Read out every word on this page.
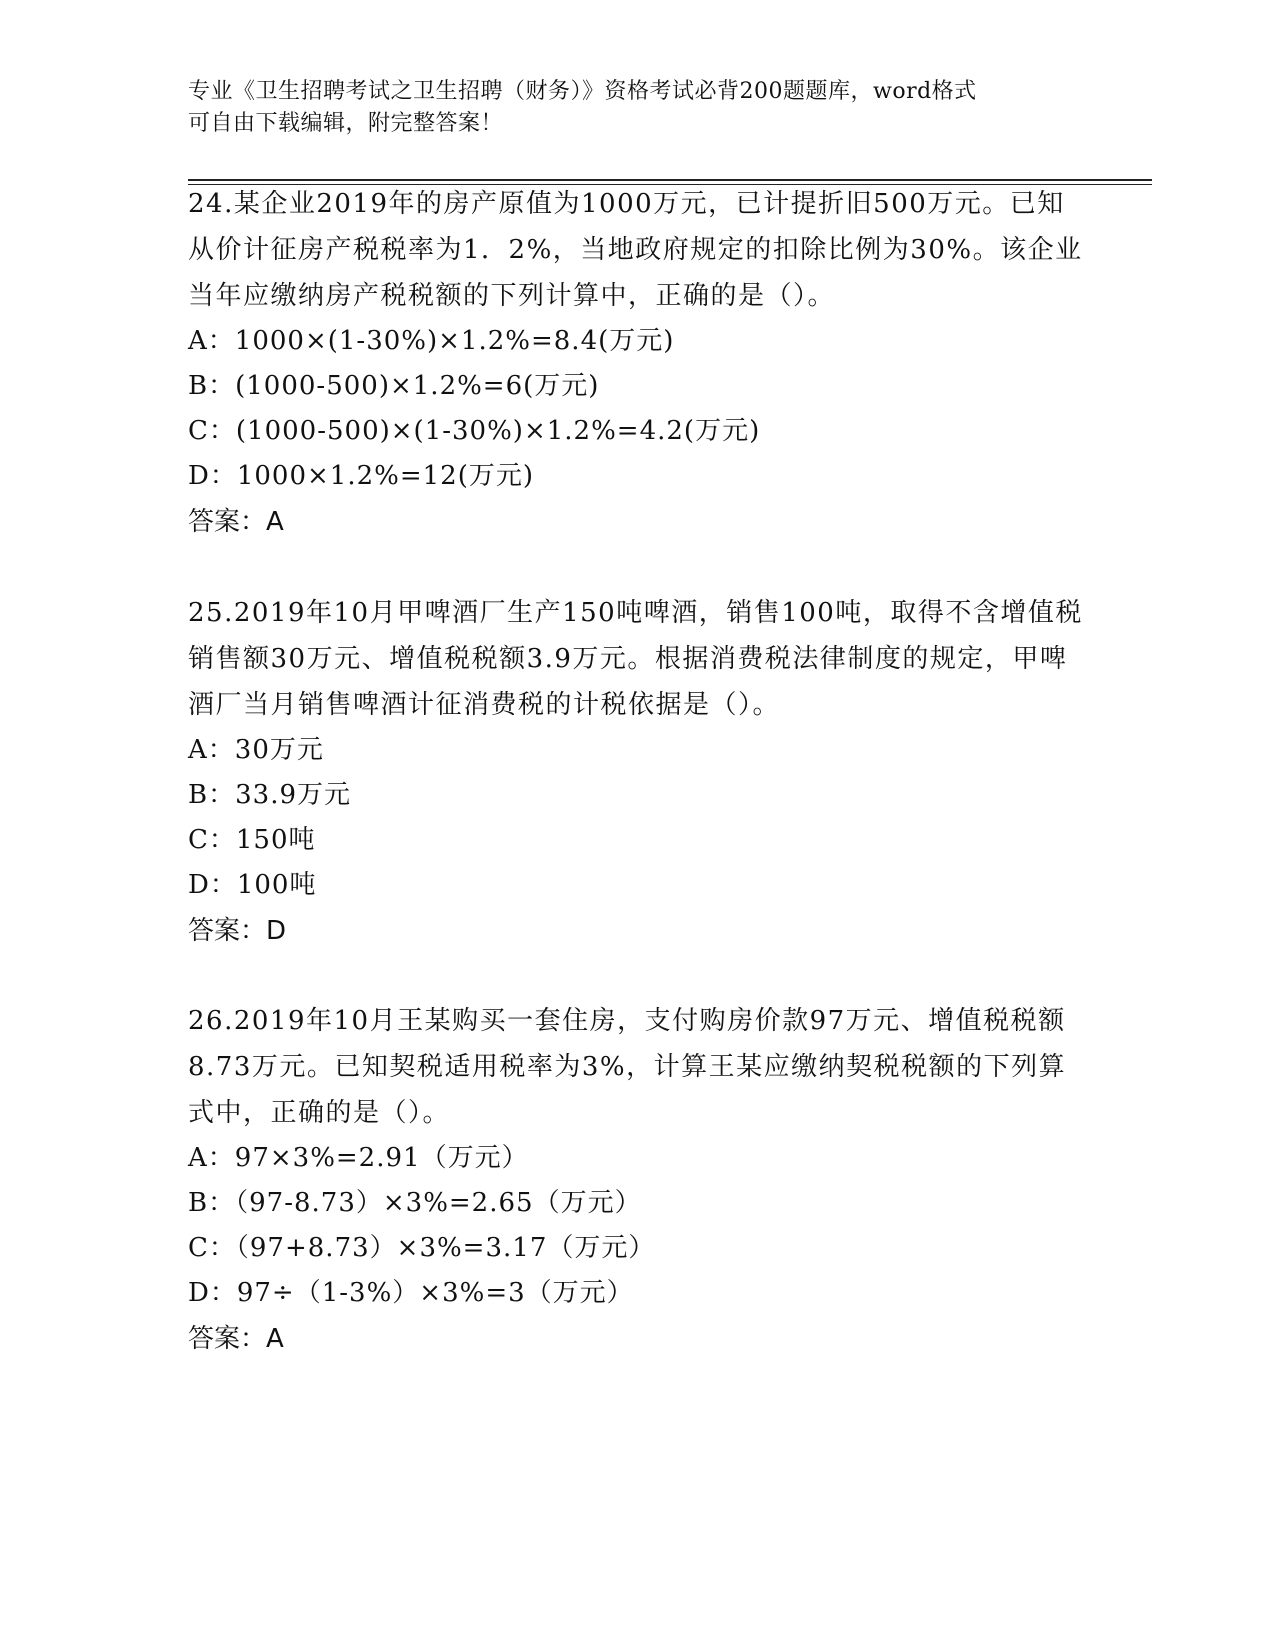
专业《卫生招聘考试之卫生招聘（财务）》资格考试必背200题题库，word格式
可自由下载编辑，附完整答案！

24.某企业2019年的房产原值为1000万元，已计提折旧500万元。已知从价计征房产税税率为1．2%，当地政府规定的扣除比例为30%。该企业当年应缴纳房产税税额的下列计算中，正确的是（）。

A：1000×(1-30%)×1.2%=8.4(万元)

B：(1000-500)×1.2%=6(万元)

C：(1000-500)×(1-30%)×1.2%=4.2(万元)

D：1000×1.2%=12(万元)

答案：A

25.2019年10月甲啤酒厂生产150吨啤酒，销售100吨，取得不含增值税销售额30万元、增值税税额3.9万元。根据消费税法律制度的规定，甲啤酒厂当月销售啤酒计征消费税的计税依据是（）。

A：30万元

B：33.9万元

C：150吨

D：100吨

答案：D

26.2019年10月王某购买一套住房，支付购房价款97万元、增值税税额8.73万元。已知契税适用税率为3%，计算王某应缴纳契税税额的下列算式中，正确的是（）。

A：97×3%=2.91（万元）

B：（97-8.73）×3%=2.65（万元）

C：（97+8.73）×3%=3.17（万元）

D：97÷（1-3%）×3%=3（万元）

答案：A
